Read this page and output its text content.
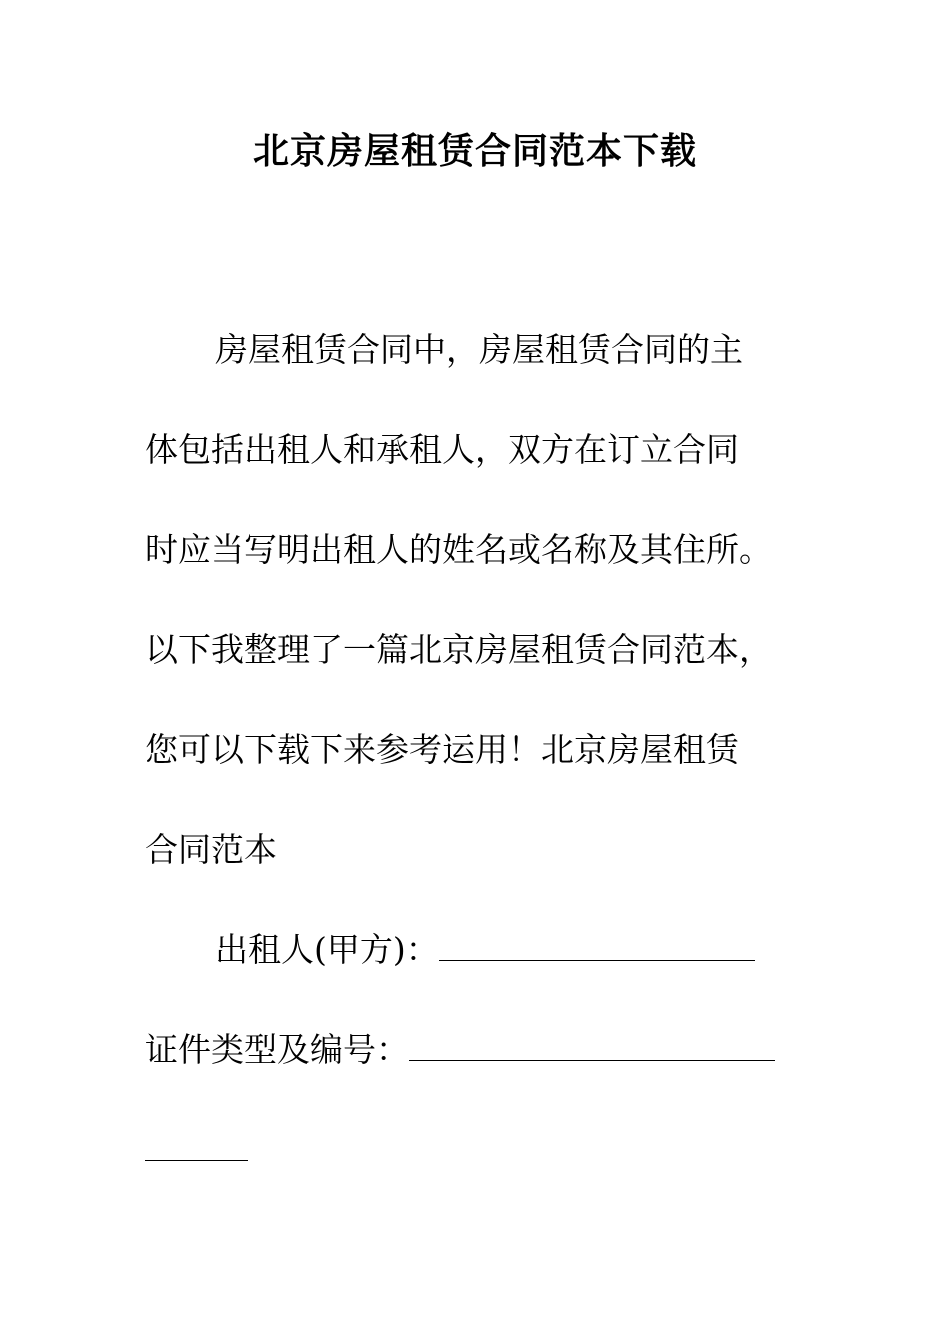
北京房屋租赁合同范本下载
房屋租赁合同中，房屋租赁合同的主
体包括出租人和承租人，双方在订立合同
时应当写明出租人的姓名或名称及其住所。
以下我整理了一篇北京房屋租赁合同范本，
您可以下载下来参考运用！北京房屋租赁
合同范本
出租人(甲方)：
证件类型及编号：
